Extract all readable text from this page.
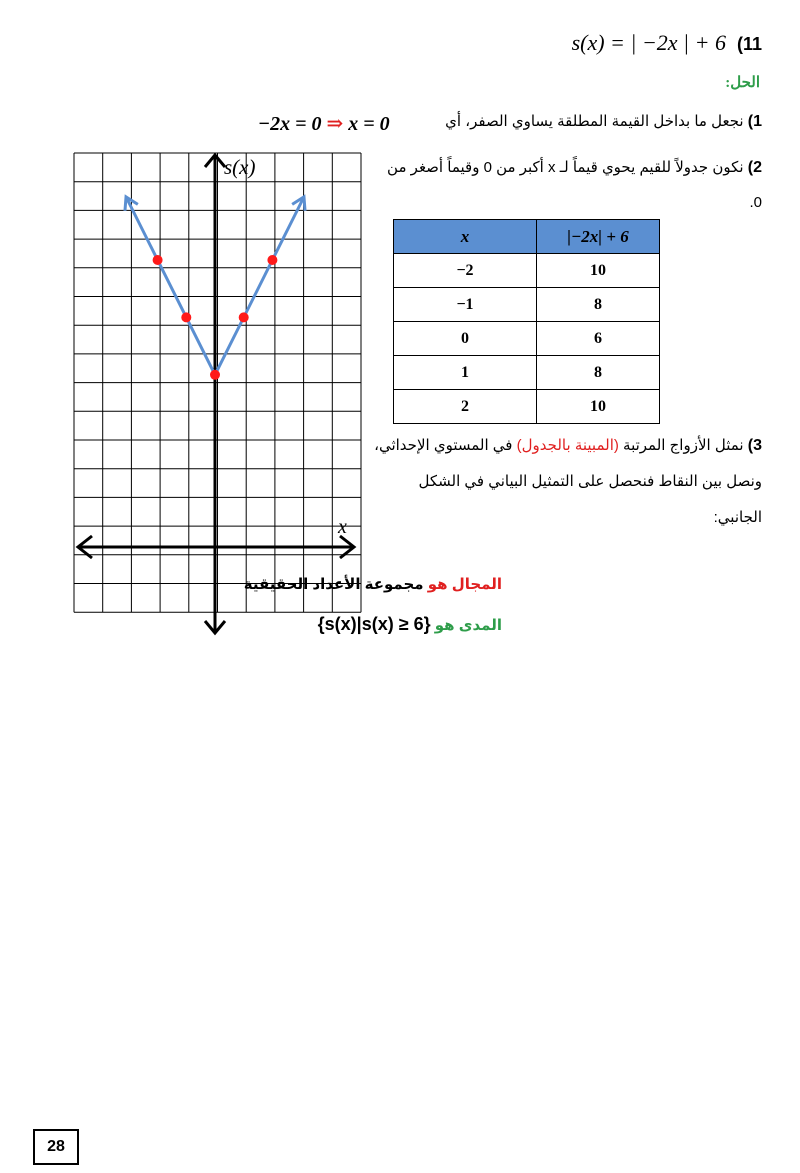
s(x) = | −2x | + 6 (11
الحل:
1) نجعل ما بداخل القيمة المطلقة يساوي الصفر، أي
−2x = 0 ⇒ x = 0
2) نكون جدولاً للقيم يحوي قيماً لـ x أكبر من 0 وقيماً أصغر من 0.
x	|−2x| + 6
−2	10
−1	8
0	6
1	8
2	10
3) نمثل الأزواج المرتبة (المبينة بالجدول) في المستوي الإحداثي، ونصل بين النقاط فنحصل على التمثيل البياني في الشكل الجانبي:
المجال هو مجموعة الأعداد الحقيقية
المدى هو {s(x)|s(x) ≥ 6}
s(x)
x
28
